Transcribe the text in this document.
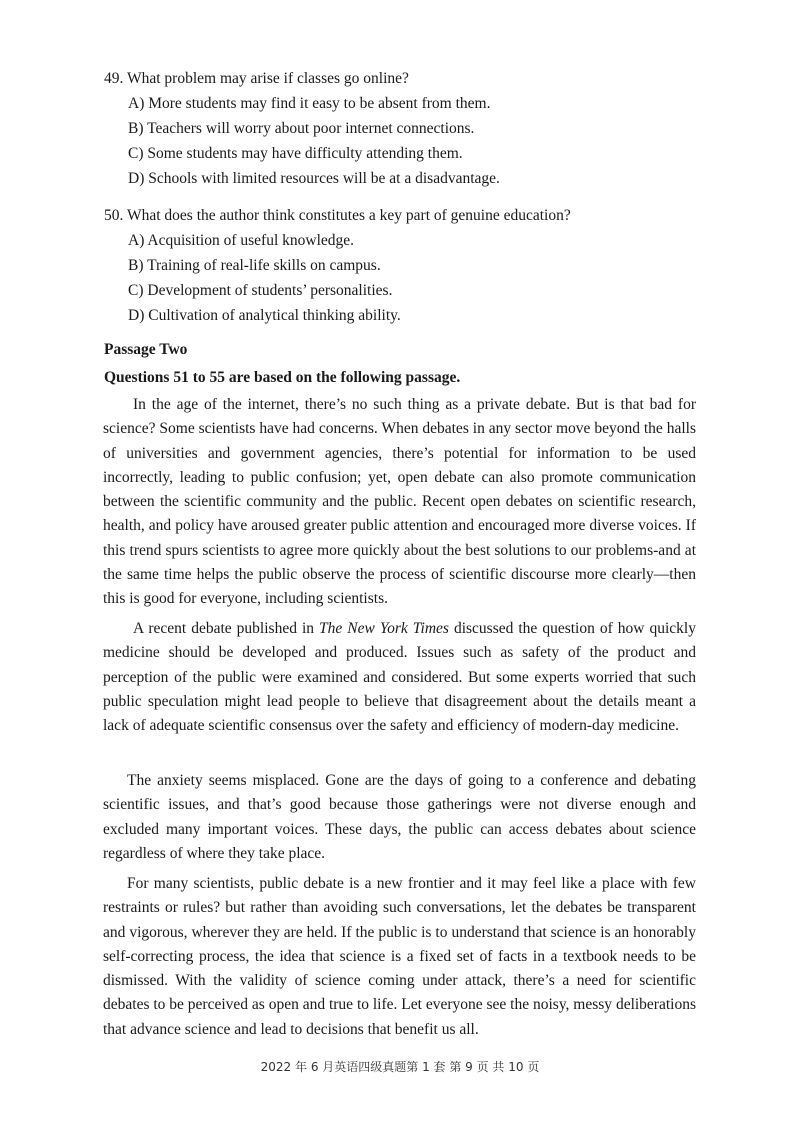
49. What problem may arise if classes go online?
A) More students may find it easy to be absent from them.
B) Teachers will worry about poor internet connections.
C) Some students may have difficulty attending them.
D) Schools with limited resources will be at a disadvantage.
50. What does the author think constitutes a key part of genuine education?
A) Acquisition of useful knowledge.
B) Training of real-life skills on campus.
C) Development of students’ personalities.
D) Cultivation of analytical thinking ability.
Passage Two
Questions 51 to 55 are based on the following passage.

In the age of the internet, there’s no such thing as a private debate. But is that bad for science? Some scientists have had concerns. When debates in any sector move beyond the halls of universities and government agencies, there’s potential for information to be used incorrectly, leading to public confusion; yet, open debate can also promote communication between the scientific community and the public. Recent open debates on scientific research, health, and policy have aroused greater public attention and encouraged more diverse voices. If this trend spurs scientists to agree more quickly about the best solutions to our problems-and at the same time helps the public observe the process of scientific discourse more clearly—then this is good for everyone, including scientists.

A recent debate published in The New York Times discussed the question of how quickly medicine should be developed and produced. Issues such as safety of the product and perception of the public were examined and considered. But some experts worried that such public speculation might lead people to believe that disagreement about the details meant a lack of adequate scientific consensus over the safety and efficiency of modern-day medicine.

The anxiety seems misplaced. Gone are the days of going to a conference and debating scientific issues, and that’s good because those gatherings were not diverse enough and excluded many important voices. These days, the public can access debates about science regardless of where they take place.

For many scientists, public debate is a new frontier and it may feel like a place with few restraints or rules? but rather than avoiding such conversations, let the debates be transparent and vigorous, wherever they are held. If the public is to understand that science is an honorably self-correcting process, the idea that science is a fixed set of facts in a textbook needs to be dismissed. With the validity of science coming under attack, there’s a need for scientific debates to be perceived as open and true to life. Let everyone see the noisy, messy deliberations that advance science and lead to decisions that benefit us all.

2022 年 6 月英语四级真题第 1 套 第 9 页 共 10 页
